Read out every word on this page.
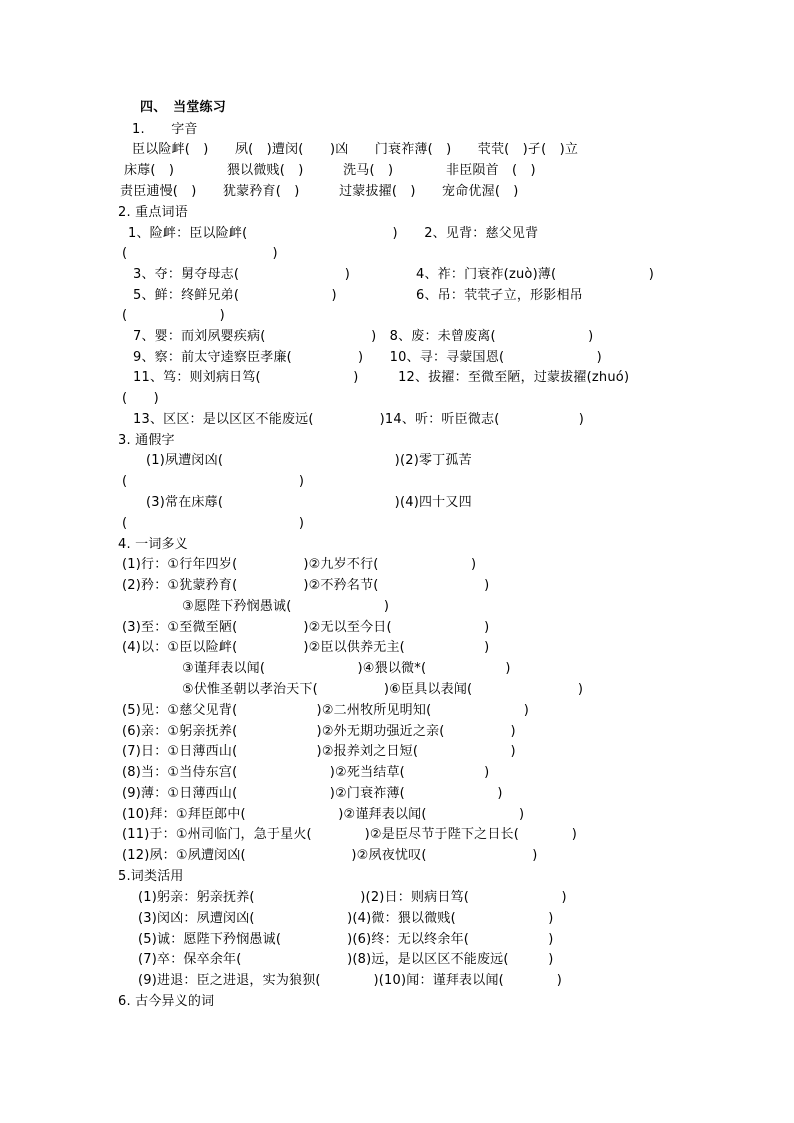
四、　当堂练习
1.　　字音
臣以险衅(　)　　夙(　)遭闵(　　)凶　　门衰祚薄(　)　　茕茕(　)孑(　)立
床蓐(　)　　　　猥以微贱(　)　　　洗马(　)　　　　非臣陨首　(　)
责臣逋慢(　)　　犹蒙矜育(　)　　　过蒙拔擢(　)　　宠命优渥(　)
2. 重点词语
1、险衅：臣以险衅(　　　　　　　　　　　)　　2、见背：慈父见背
(　　　　　　　　　　　)
3、夺：舅夺母志(　　　　　　　　)　　　　　4、祚：门衰祚(zuò)薄(　　　　　　　)
5、鲜：终鲜兄弟(　　　　　　　)　　　　　　6、吊：茕茕孑立，形影相吊
(　　　　　　　)
7、婴：而刘夙婴疾病(　　　　　　　　)　8、废：未曾废离(　　　　　　　)
9、察：前太守逵察臣孝廉(　　　　　)　　10、寻：寻蒙国恩(　　　　　　　)
11、笃：则刘病日笃(　　　　　　　)　　　12、拔擢：至微至陋，过蒙拔擢(zhuó)
(　　)
13、区区：是以区区不能废远(　　　　　)14、听：听臣微志(　　　　　　)
3. 通假字
(1)夙遭闵凶(　　　　　　　　　　　　　)(2)零丁孤苦
(　　　　　　　　　　　　　)
(3)常在床蓐(　　　　　　　　　　　　　)(4)四十又四
(　　　　　　　　　　　　　)
4. 一词多义
(1)行：①行年四岁(　　　　　)②九岁不行(　　　　　　　)
(2)矜：①犹蒙矜育(　　　　　)②不矜名节(　　　　　　　　)
③愿陛下矜悯愚诚(　　　　　　　)
(3)至：①至微至陋(　　　　　)②无以至今日(　　　　　　　)
(4)以：①臣以险衅(　　　　　)②臣以供养无主(　　　　　　)
③谨拜表以闻(　　　　　　　)④猥以微*(　　　　　　)
⑤伏惟圣朝以孝治天下(　　　　　)⑥臣具以表闻(　　　　　　　　)
(5)见：①慈父见背(　　　　　　)②二州牧所见明知(　　　　　　　)
(6)亲：①躬亲抚养(　　　　　　)②外无期功强近之亲(　　　　　)
(7)日：①日薄西山(　　　　　　)②报养刘之日短(　　　　　　　)
(8)当：①当侍东宫(　　　　　　　)②死当结草(　　　　　　)
(9)薄：①日薄西山(　　　　　　　)②门衰祚薄(　　　　　　　)
(10)拜：①拜臣郎中(　　　　　　　)②谨拜表以闻(　　　　　　　)
(11)于：①州司临门，急于星火(　　　　)②是臣尽节于陛下之日长(　　　　)
(12)夙：①夙遭闵凶(　　　　　　　　)②夙夜忧叹(　　　　　　　　)
5.词类活用
(1)躬亲：躬亲抚养(　　　　　　　　)(2)日：则病日笃(　　　　　　　)
(3)闵凶：夙遭闵凶(　　　　　　　)(4)微：猥以微贱(　　　　　　　)
(5)诚：愿陛下矜悯愚诚(　　　　　)(6)终：无以终余年(　　　　　　)
(7)卒：保卒余年(　　　　　　　　)(8)远，是以区区不能废远(　　　)
(9)进退：臣之进退，实为狼狈(　　　　)(10)闻：谨拜表以闻(　　　　)
6. 古今异义的词
